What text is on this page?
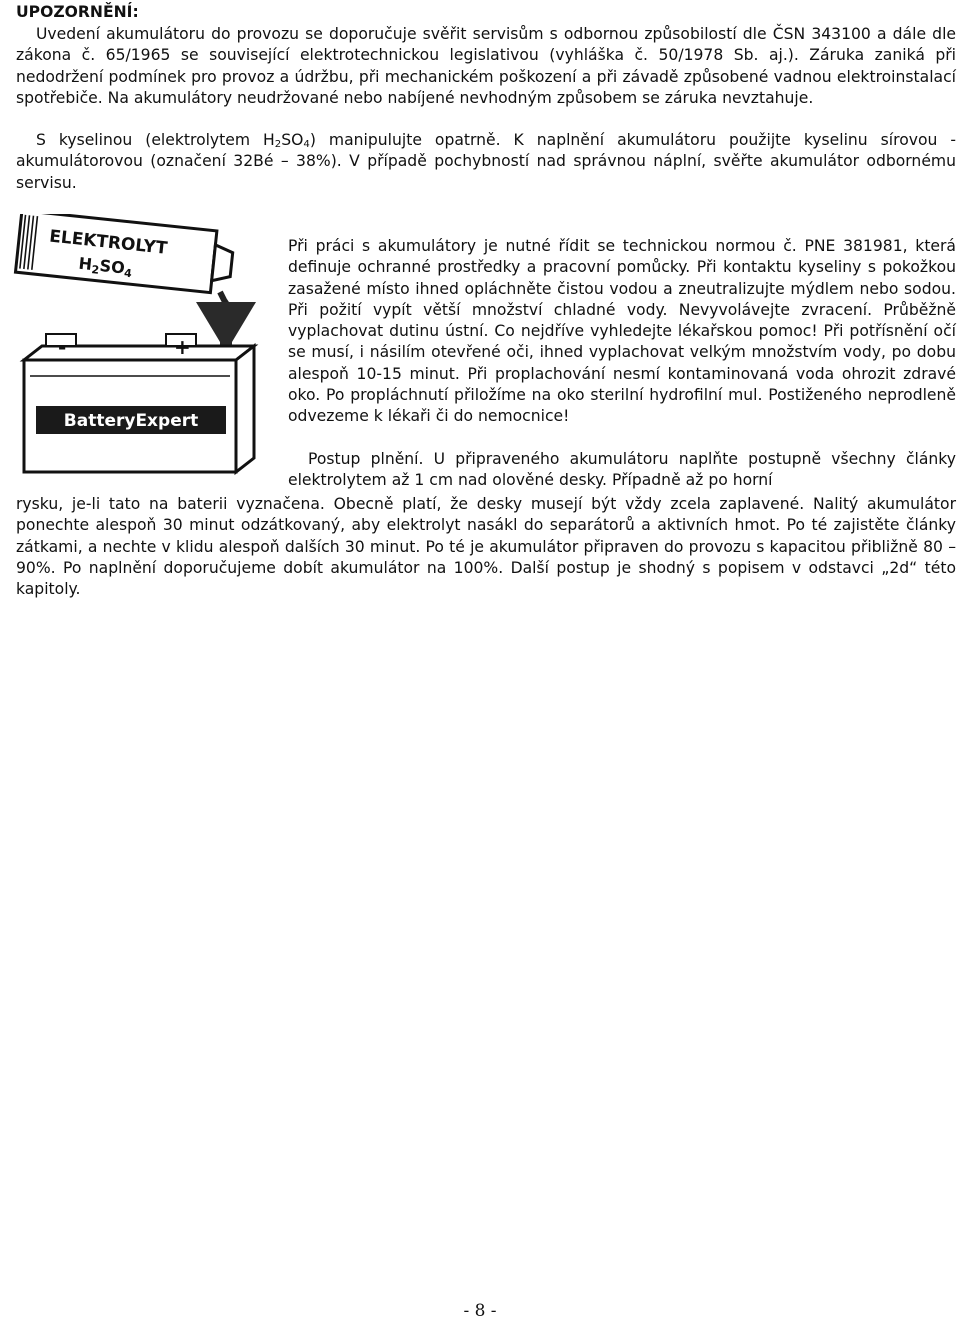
UPOZORNĚNÍ:

Uvedení akumulátoru do provozu se doporučuje svěřit servisům s odbornou způsobilostí dle ČSN 343100 a dále dle zákona č. 65/1965 se související elektrotechnickou legislativou (vyhláška č. 50/1978 Sb. aj.). Záruka zaniká při nedodržení podmínek pro provoz a údržbu, při mechanickém poškození a při závadě způsobené vadnou elektroinstalací spotřebiče. Na akumulátory neudržované nebo nabíjené nevhodným způsobem se záruka nevztahuje.

S kyselinou (elektrolytem $H_2SO_4$) manipulujte opatrně. K naplnění akumulátoru použijte kyselinu sírovou - akumulátorovou (označení 32Bé – 38%). V případě pochybností nad správnou náplní, svěřte akumulátor odbornému servisu.

ELEKTROLYT
H2SO4
-	+
BatteryExpert

Při práci s akumulátory je nutné řídit se technickou normou č. PNE 381981, která definuje ochranné prostředky a pracovní pomůcky. Při kontaktu kyseliny s pokožkou zasažené místo ihned opláchněte čistou vodou a zneutralizujte mýdlem nebo sodou. Při požití vypít větší množství chladné vody. Nevyvolávejte zvracení. Průběžně vyplachovat dutinu ústní. Co nejdříve vyhledejte lékařskou pomoc! Při potřísnění očí se musí, i násilím otevřené oči, ihned vyplachovat velkým množstvím vody, po dobu alespoň 10-15 minut. Při proplachování nesmí kontaminovaná voda ohrozit zdravé oko. Po propláchnutí přiložíme na oko sterilní hydrofilní mul. Postiženého neprodleně odvezeme k lékaři či do nemocnice!

Postup plnění. U připraveného akumulátoru naplňte postupně všechny články elektrolytem až 1 cm nad olověné desky. Případně až po horní

rysku, je-li tato na baterii vyznačena. Obecně platí, že desky musejí být vždy zcela zaplavené. Nalitý akumulátor ponechte alespoň 30 minut odzátkovaný, aby elektrolyt nasákl do separátorů a aktivních hmot. Po té zajistěte články zátkami, a nechte v klidu alespoň dalších 30 minut. Po té je akumulátor připraven do provozu s kapacitou přibližně 80 – 90%. Po naplnění doporučujeme dobít akumulátor na 100%. Další postup je shodný s popisem v odstavci „2d“ této kapitoly.

- 8 -
